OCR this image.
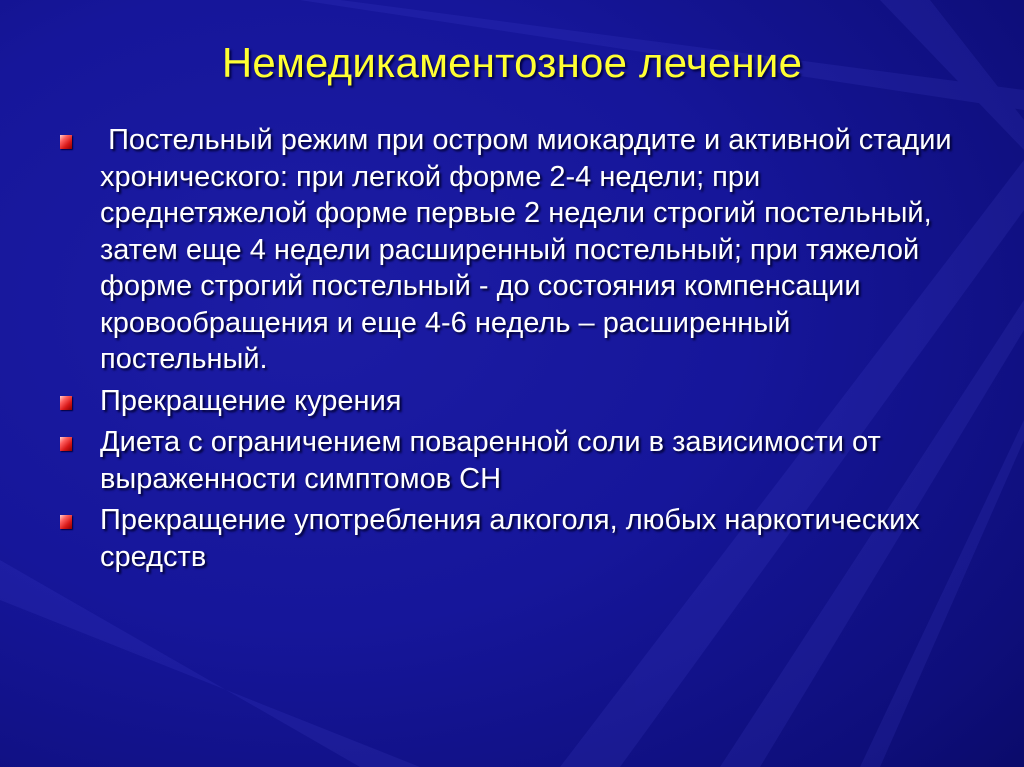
Немедикаментозное лечение
Постельный режим при остром миокардите и активной стадии хронического: при легкой форме 2-4 недели; при среднетяжелой форме первые 2 недели строгий постельный, затем еще 4 недели расширенный постельный; при тяжелой форме строгий постельный - до состояния компенсации кровообращения и еще 4-6 недель – расширенный постельный.
Прекращение курения
Диета с ограничением поваренной соли в зависимости от выраженности симптомов СН
Прекращение употребления алкоголя, любых наркотических средств
